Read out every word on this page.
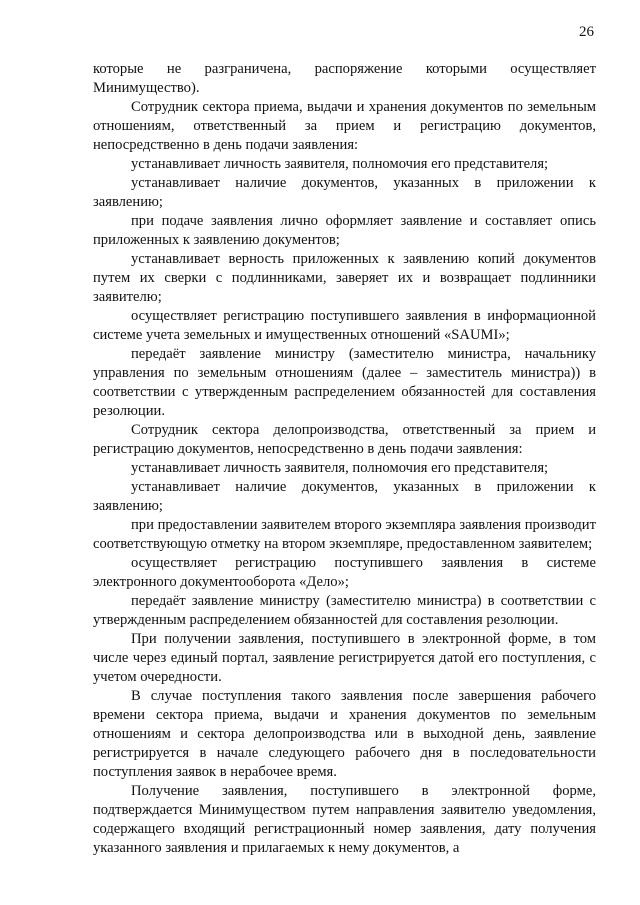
26

которые не разграничена, распоряжение которыми осуществляет Минимущество).

Сотрудник сектора приема, выдачи и хранения документов по земельным отношениям, ответственный за прием и регистрацию документов, непосредственно в день подачи заявления:

устанавливает личность заявителя, полномочия его представителя;

устанавливает наличие документов, указанных в приложении к заявлению;

при подаче заявления лично оформляет заявление и составляет опись приложенных к заявлению документов;

устанавливает верность приложенных к заявлению копий документов путем их сверки с подлинниками, заверяет их и возвращает подлинники заявителю;

осуществляет регистрацию поступившего заявления в информационной системе учета земельных и имущественных отношений «SAUMI»;

передаёт заявление министру (заместителю министра, начальнику управления по земельным отношениям (далее – заместитель министра)) в соответствии с утвержденным распределением обязанностей для составления резолюции.

Сотрудник сектора делопроизводства, ответственный за прием и регистрацию документов, непосредственно в день подачи заявления:

устанавливает личность заявителя, полномочия его представителя;

устанавливает наличие документов, указанных в приложении к заявлению;

при предоставлении заявителем второго экземпляра заявления производит соответствующую отметку на втором экземпляре, предоставленном заявителем;

осуществляет регистрацию поступившего заявления в системе электронного документооборота «Дело»;

передаёт заявление министру (заместителю министра) в соответствии с утвержденным распределением обязанностей для составления резолюции.

При получении заявления, поступившего в электронной форме, в том числе через единый портал, заявление регистрируется датой его поступления, с учетом очередности.

В случае поступления такого заявления после завершения рабочего времени сектора приема, выдачи и хранения документов по земельным отношениям и сектора делопроизводства или в выходной день, заявление регистрируется в начале следующего рабочего дня в последовательности поступления заявок в нерабочее время.

Получение заявления, поступившего в электронной форме, подтверждается Минимуществом путем направления заявителю уведомления, содержащего входящий регистрационный номер заявления, дату получения указанного заявления и прилагаемых к нему документов, а
